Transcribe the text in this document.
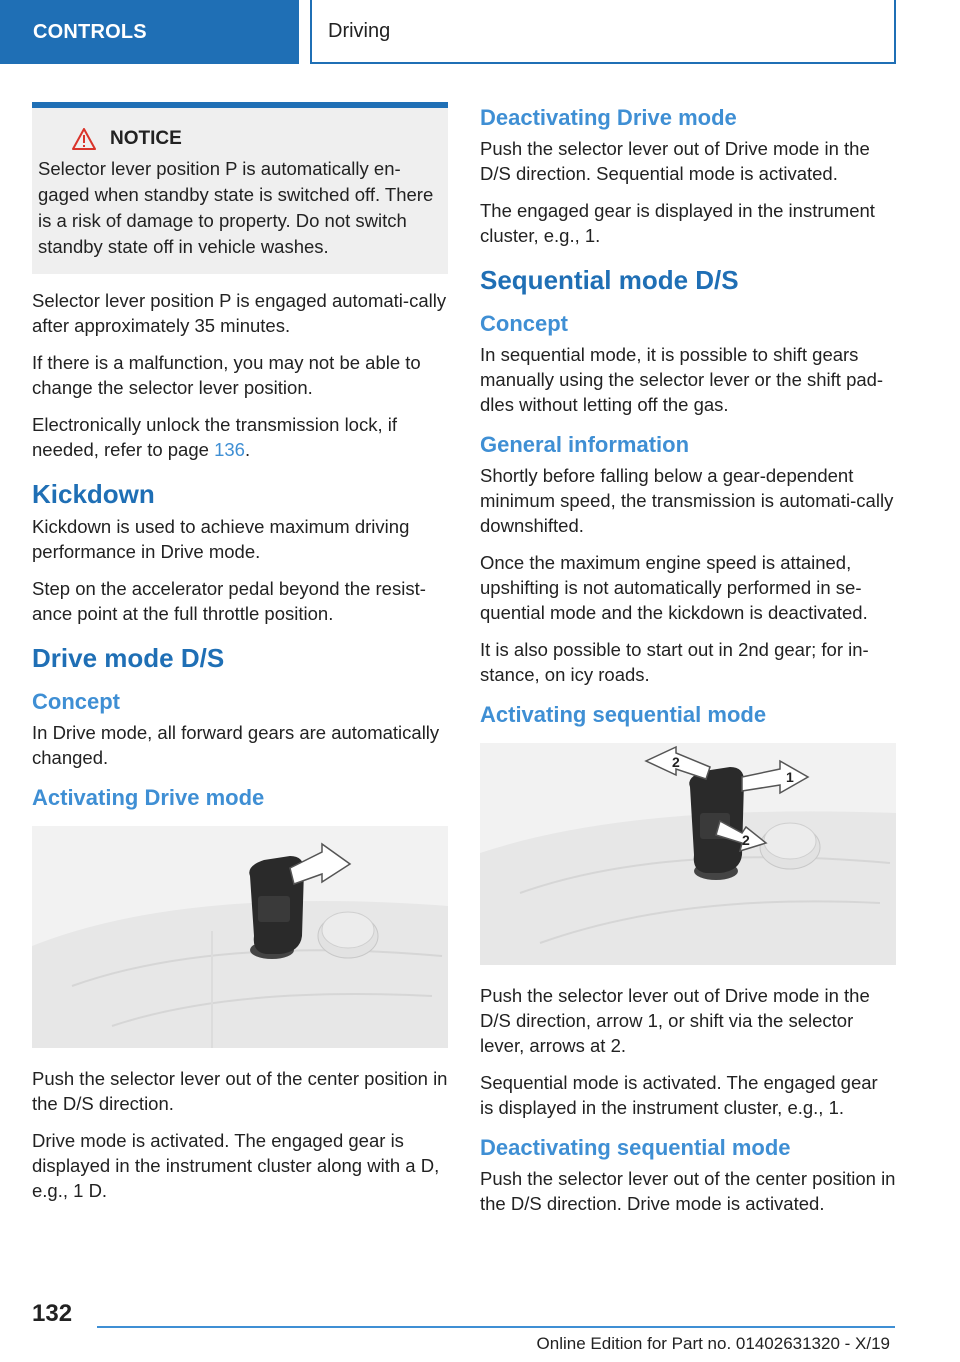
CONTROLS	Driving
NOTICE

Selector lever position P is automatically en‐gaged when standby state is switched off. There is a risk of damage to property. Do not switch standby state off in vehicle washes.

Selector lever position P is engaged automati‐cally after approximately 35 minutes.

If there is a malfunction, you may not be able to change the selector lever position.

Electronically unlock the transmission lock, if needed, refer to page 136.

Kickdown

Kickdown is used to achieve maximum driving performance in Drive mode.

Step on the accelerator pedal beyond the resist‐ance point at the full throttle position.

Drive mode D/S
Concept

In Drive mode, all forward gears are automatically changed.

Activating Drive mode

Push the selector lever out of the center position in the D/S direction.

Drive mode is activated. The engaged gear is displayed in the instrument cluster along with a D, e.g., 1 D.

Deactivating Drive mode

Push the selector lever out of Drive mode in the D/S direction. Sequential mode is activated.

The engaged gear is displayed in the instrument cluster, e.g., 1.

Sequential mode D/S
Concept

In sequential mode, it is possible to shift gears manually using the selector lever or the shift pad‐dles without letting off the gas.

General information

Shortly before falling below a gear-dependent minimum speed, the transmission is automati‐cally downshifted.

Once the maximum engine speed is attained, upshifting is not automatically performed in se‐quential mode and the kickdown is deactivated.

It is also possible to start out in 2nd gear; for in‐stance, on icy roads.

Activating sequential mode
2
1
2

Push the selector lever out of Drive mode in the D/S direction, arrow 1, or shift via the selector lever, arrows at 2.

Sequential mode is activated. The engaged gear is displayed in the instrument cluster, e.g., 1.

Deactivating sequential mode

Push the selector lever out of the center position in the D/S direction. Drive mode is activated.

132
Online Edition for Part no. 01402631320 - X/19
